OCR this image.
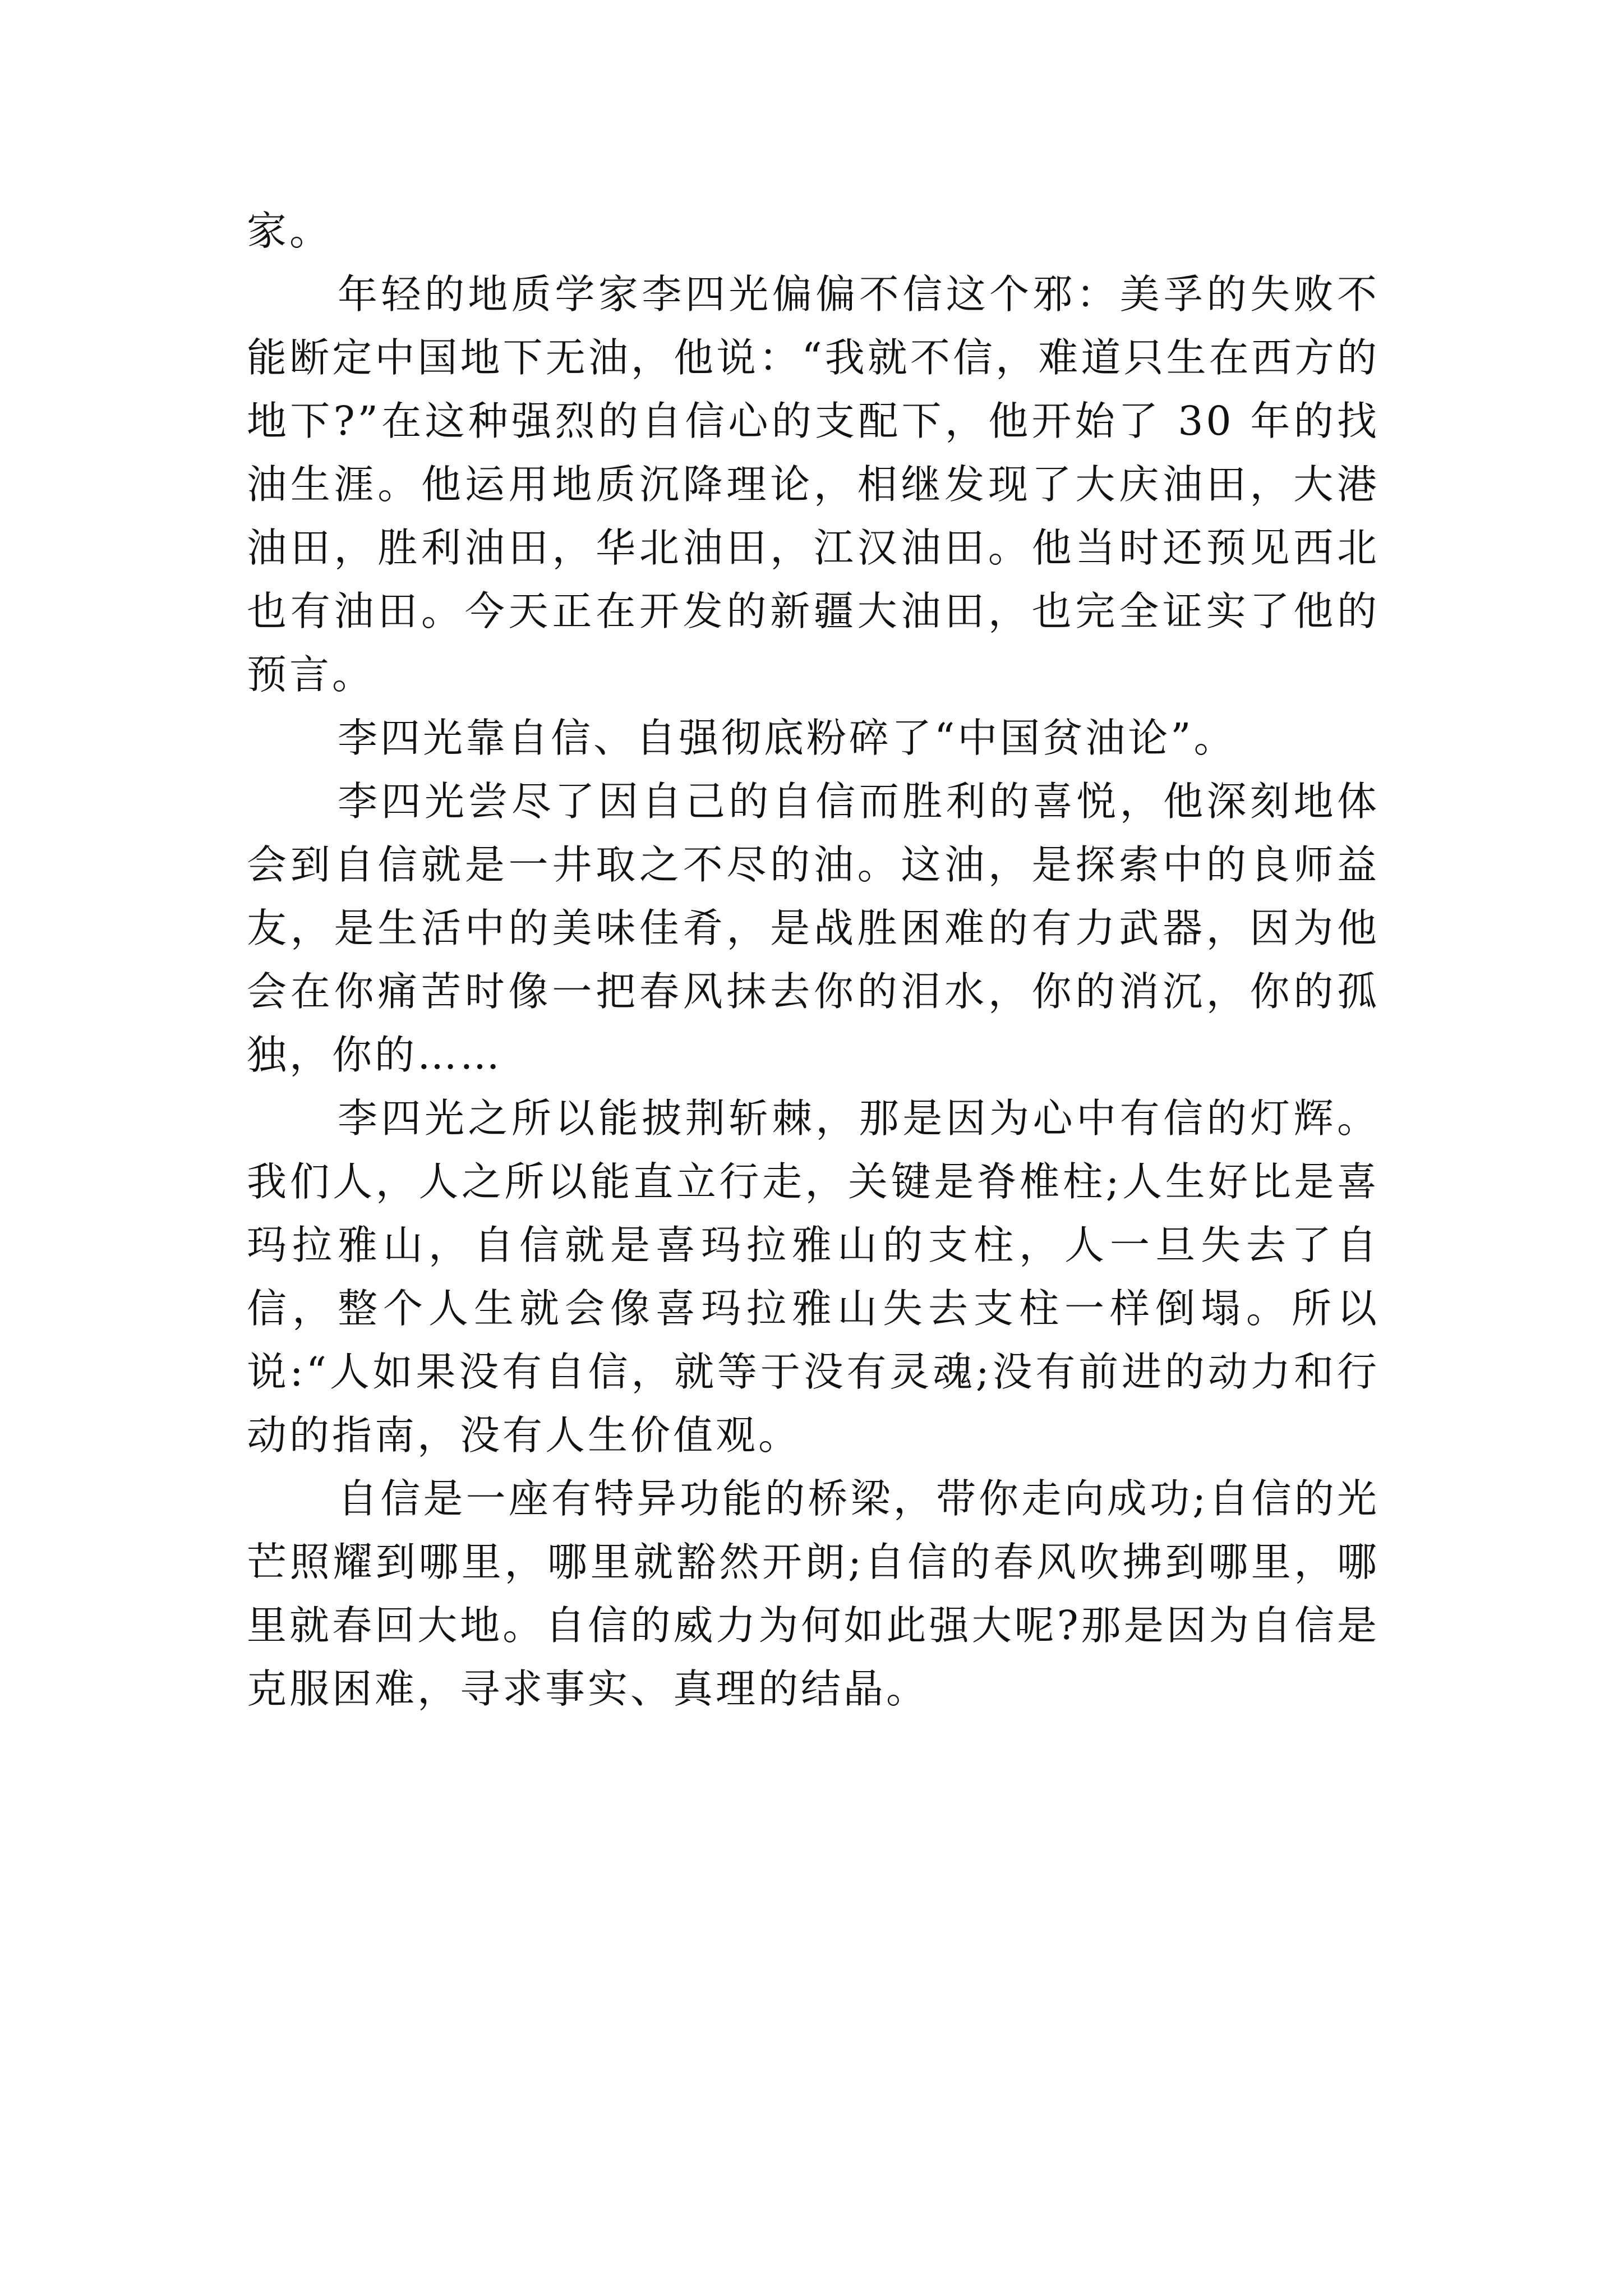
家。

年轻的地质学家李四光偏偏不信这个邪：美孚的失败不能断定中国地下无油，他说：“我就不信，难道只生在西方的地下?”在这种强烈的自信心的支配下，他开始了 30 年的找油生涯。他运用地质沉降理论，相继发现了大庆油田，大港油田，胜利油田，华北油田，江汉油田。他当时还预见西北也有油田。今天正在开发的新疆大油田，也完全证实了他的预言。

李四光靠自信、自强彻底粉碎了“中国贫油论”。

李四光尝尽了因自己的自信而胜利的喜悦，他深刻地体会到自信就是一井取之不尽的油。这油，是探索中的良师益友，是生活中的美味佳肴，是战胜困难的有力武器，因为他会在你痛苦时像一把春风抹去你的泪水，你的消沉，你的孤独，你的……

李四光之所以能披荆斩棘，那是因为心中有信的灯辉。我们人，人之所以能直立行走，关键是脊椎柱;人生好比是喜玛拉雅山，自信就是喜玛拉雅山的支柱，人一旦失去了自信，整个人生就会像喜玛拉雅山失去支柱一样倒塌。所以说:“人如果没有自信，就等于没有灵魂;没有前进的动力和行动的指南，没有人生价值观。

自信是一座有特异功能的桥梁，带你走向成功;自信的光芒照耀到哪里，哪里就豁然开朗;自信的春风吹拂到哪里，哪里就春回大地。自信的威力为何如此强大呢?那是因为自信是克服困难，寻求事实、真理的结晶。
